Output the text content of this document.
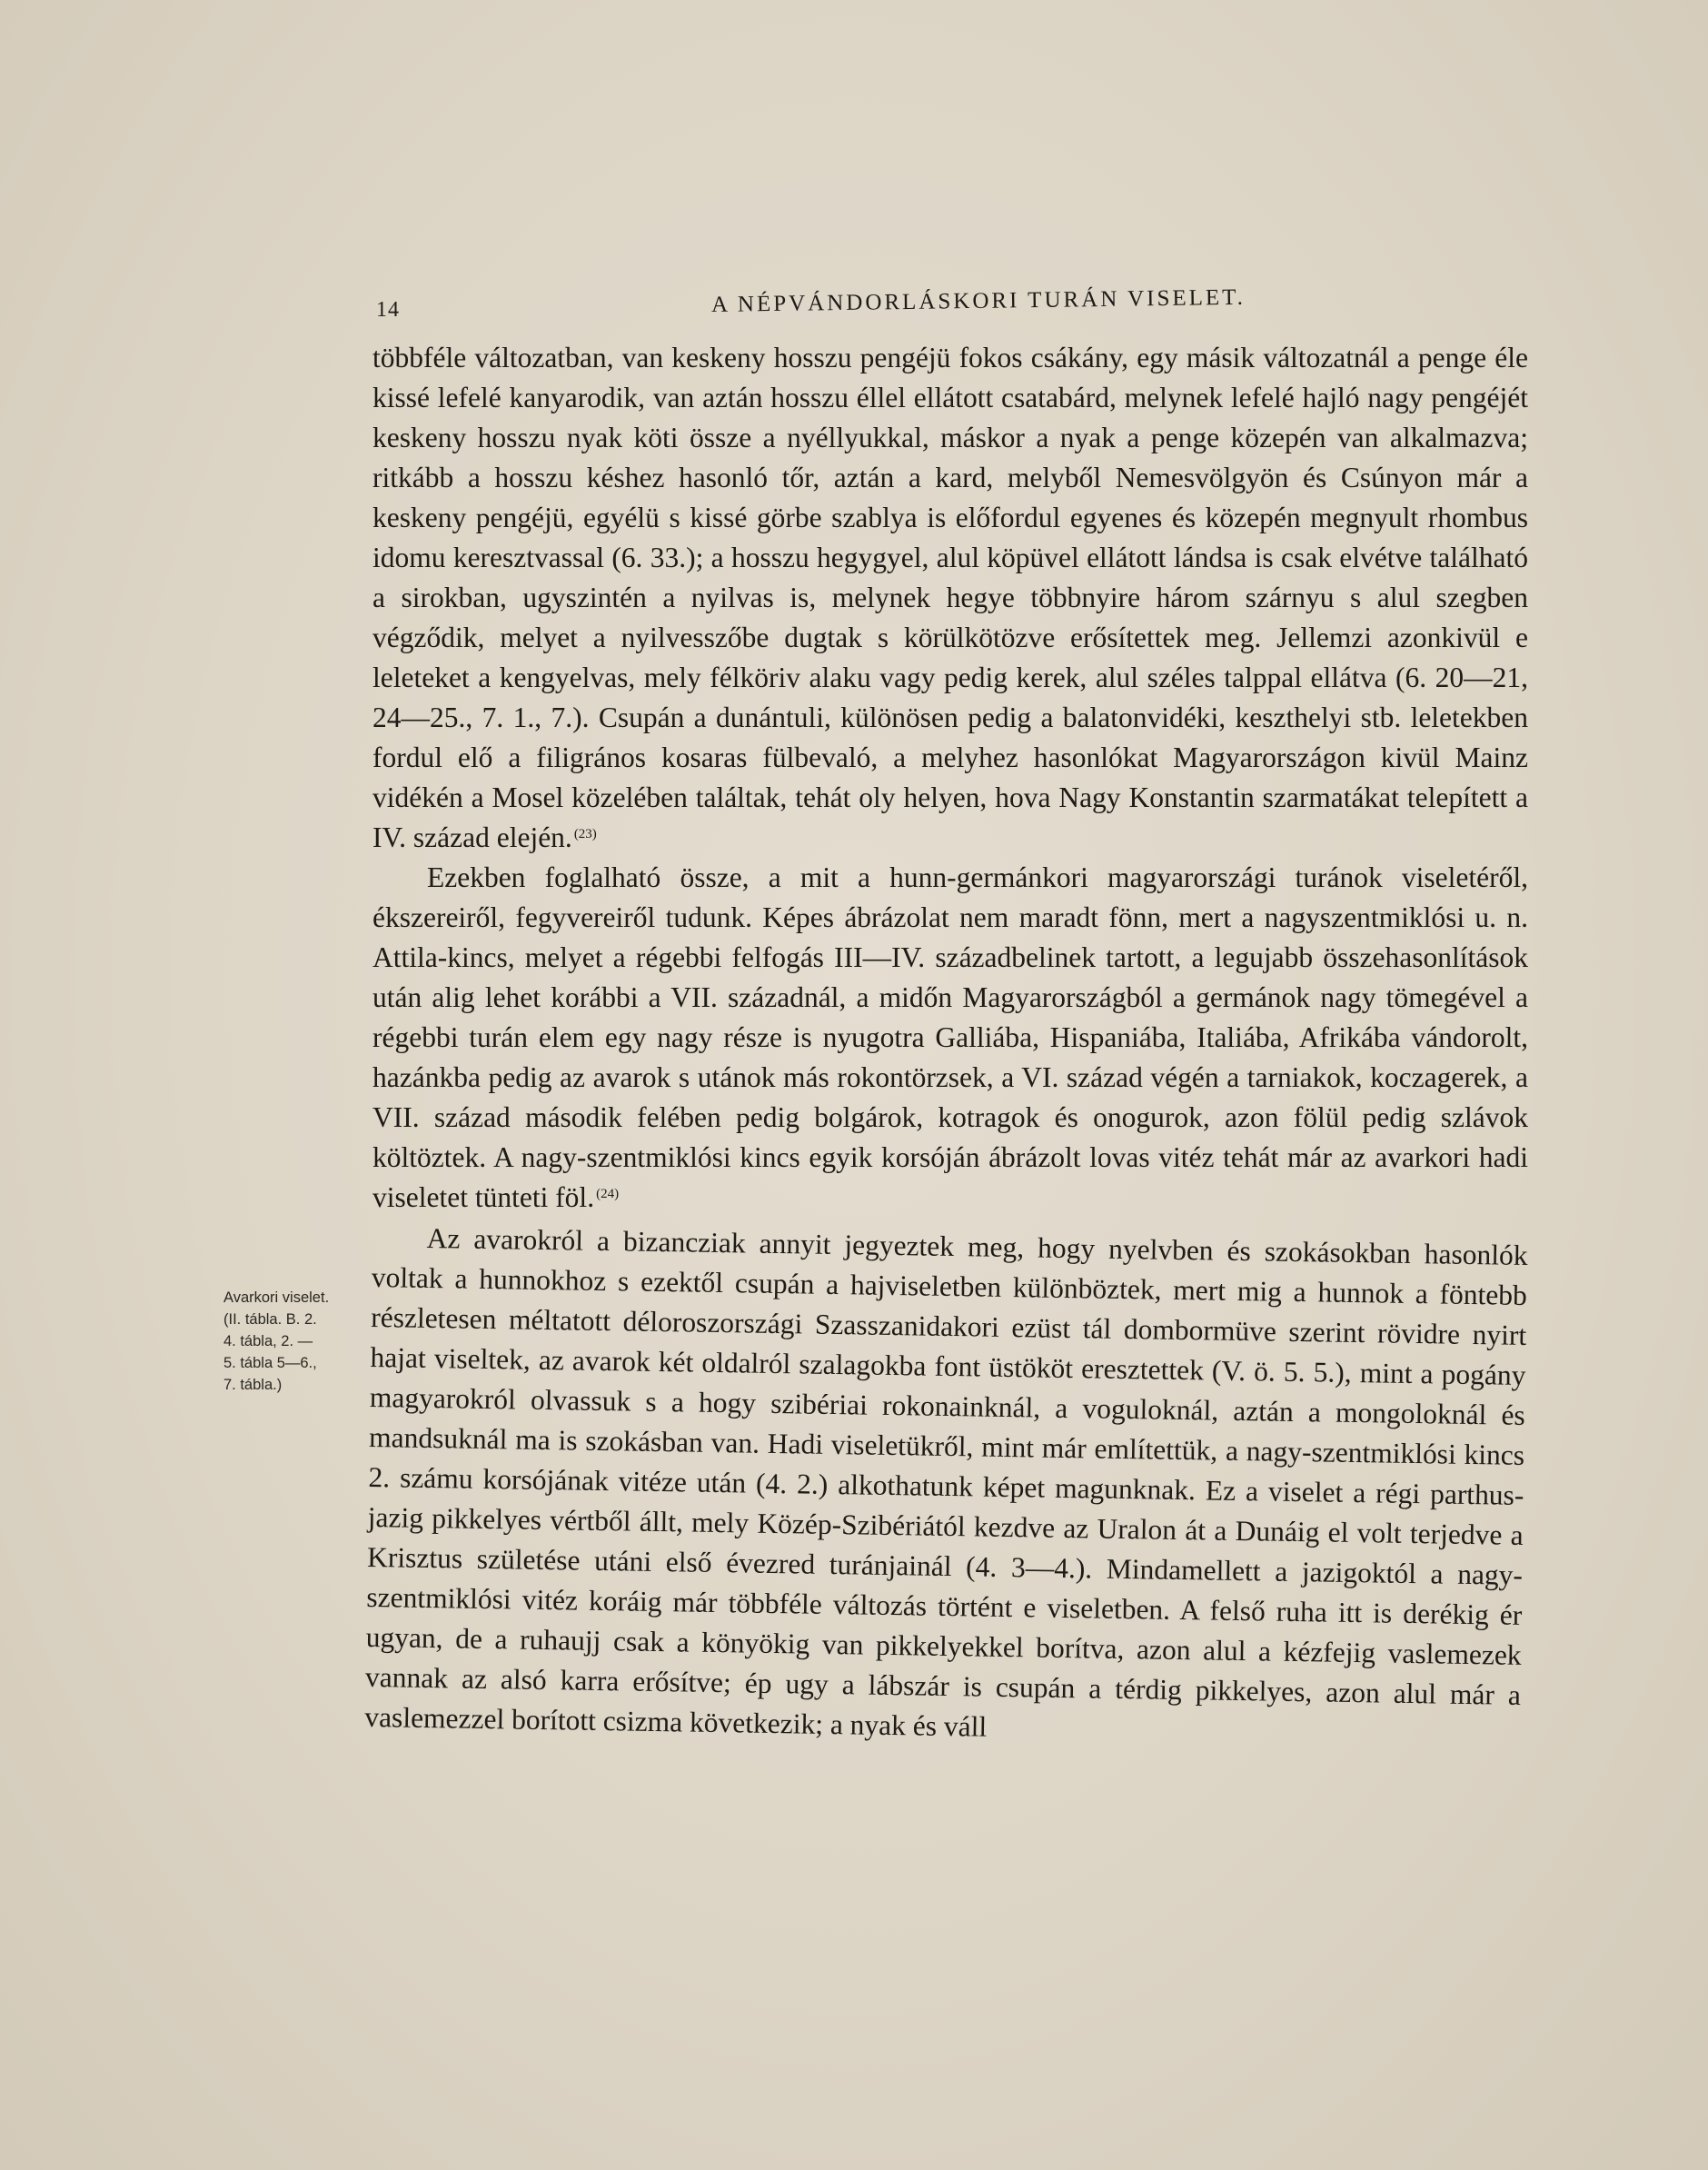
14	A NÉPVÁNDORLÁSKORI TURÁN VISELET.
Avarkori viselet.
(II. tábla. B. 2.
4. tábla, 2. —
5. tábla 5—6.,
7. tábla.)

többféle változatban, van keskeny hosszu pengéjü fokos csákány, egy másik változatnál a penge éle kissé lefelé kanyarodik, van aztán hosszu éllel ellátott csatabárd, melynek lefelé hajló nagy pengéjét keskeny hosszu nyak köti össze a nyéllyukkal, máskor a nyak a penge közepén van alkalmazva; ritkább a hosszu késhez hasonló tőr, aztán a kard, melyből Nemesvölgyön és Csúnyon már a keskeny pengéjü, egyélü s kissé görbe szablya is előfordul egyenes és közepén megnyult rhombus idomu keresztvassal (6. 33.); a hosszu hegygyel, alul köpüvel ellátott lándsa is csak elvétve található a sirokban, ugyszintén a nyilvas is, melynek hegye többnyire három szárnyu s alul szegben végződik, melyet a nyilvesszőbe dugtak s körülkötözve erősítettek meg. Jellemzi azonkivül e leleteket a kengyelvas, mely félköriv alaku vagy pedig kerek, alul széles talppal ellátva (6. 20—21, 24—25., 7. 1., 7.). Csupán a dunántuli, különösen pedig a balatonvidéki, keszthelyi stb. leletekben fordul elő a filigrános kosaras fülbevaló, a melyhez hasonlókat Magyarországon kivül Mainz vidékén a Mosel közelében találtak, tehát oly helyen, hova Nagy Konstantin szarmatákat telepített a IV. század elején. $^{(23)}$

Ezekben foglalható össze, a mit a hunn-germánkori magyarországi turánok viseletéről, ékszereiről, fegyvereiről tudunk. Képes ábrázolat nem maradt fönn, mert a nagyszentmiklósi u. n. Attila-kincs, melyet a régebbi felfogás III—IV. századbelinek tartott, a legujabb összehasonlítások után alig lehet korábbi a VII. századnál, a midőn Magyarországból a germánok nagy tömegével a régebbi turán elem egy nagy része is nyugotra Galliába, Hispaniába, Italiába, Afrikába vándorolt, hazánkba pedig az avarok s utánok más rokontörzsek, a VI. század végén a tarniakok, koczagerek, a VII. század második felében pedig bolgárok, kotragok és onogurok, azon fölül pedig szlávok költöztek. A nagy-szentmiklósi kincs egyik korsóján ábrázolt lovas vitéz tehát már az avarkori hadi viseletet tünteti föl. $^{(24)}$

Az avarokról a bizancziak annyit jegyeztek meg, hogy nyelvben és szokásokban hasonlók voltak a hunnokhoz s ezektől csupán a hajviseletben különböztek, mert mig a hunnok a föntebb részletesen méltatott déloroszországi Szasszanidakori ezüst tál dombormüve szerint rövidre nyirt hajat viseltek, az avarok két oldalról szalagokba font üstököt eresztettek (V. ö. 5. 5.), mint a pogány magyarokról olvassuk s a hogy szibériai rokonainknál, a voguloknál, aztán a mongoloknál és mandsuknál ma is szokásban van. Hadi viseletükről, mint már említettük, a nagy-szentmiklósi kincs 2. számu korsójának vitéze után (4. 2.) alkothatunk képet magunknak. Ez a viselet a régi parthus-jazig pikkelyes vértből állt, mely Közép-Szibériától kezdve az Uralon át a Dunáig el volt terjedve a Krisztus születése utáni első évezred turánjainál (4. 3—4.). Mindamellett a jazigoktól a nagy-szentmiklósi vitéz koráig már többféle változás történt e viseletben. A felső ruha itt is derékig ér ugyan, de a ruhaujj csak a könyökig van pikkelyekkel borítva, azon alul a kézfejig vaslemezek vannak az alsó karra erősítve; ép ugy a lábszár is csupán a térdig pikkelyes, azon alul már a vaslemezzel borított csizma következik; a nyak és váll
